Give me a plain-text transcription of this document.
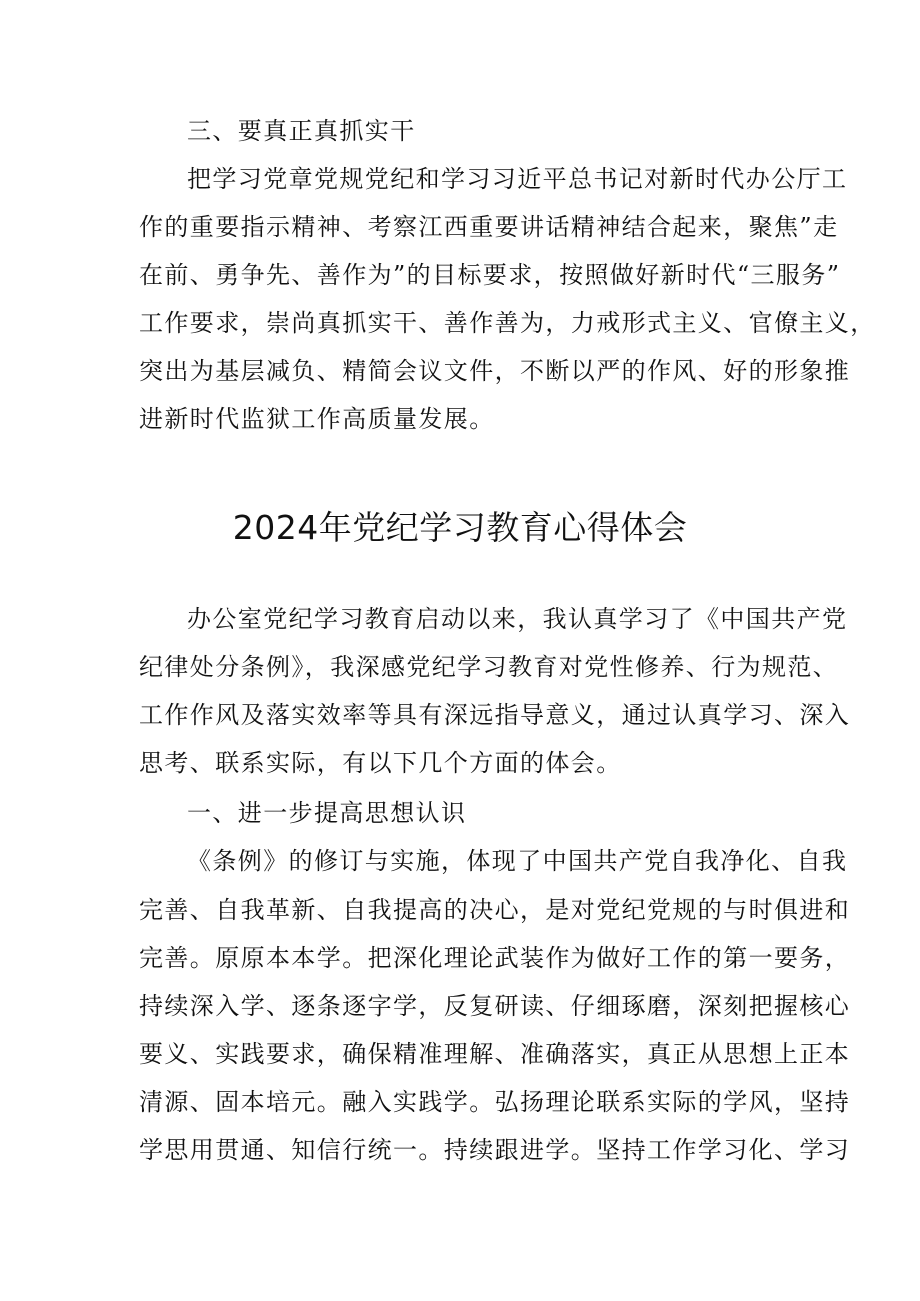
三、要真正真抓实干
把学习党章党规党纪和学习习近平总书记对新时代办公厅工
作的重要指示精神、考察江西重要讲话精神结合起来，聚焦”走
在前、勇争先、善作为”的目标要求，按照做好新时代“三服务”
工作要求，崇尚真抓实干、善作善为，力戒形式主义、官僚主义，
突出为基层减负、精简会议文件，不断以严的作风、好的形象推
进新时代监狱工作高质量发展。
2024年党纪学习教育心得体会
办公室党纪学习教育启动以来，我认真学习了《中国共产党
纪律处分条例》，我深感党纪学习教育对党性修养、行为规范、
工作作风及落实效率等具有深远指导意义，通过认真学习、深入
思考、联系实际，有以下几个方面的体会。
一、进一步提高思想认识
《条例》的修订与实施，体现了中国共产党自我净化、自我
完善、自我革新、自我提高的决心，是对党纪党规的与时俱进和
完善。原原本本学。把深化理论武装作为做好工作的第一要务，
持续深入学、逐条逐字学，反复研读、仔细琢磨，深刻把握核心
要义、实践要求，确保精准理解、准确落实，真正从思想上正本
清源、固本培元。融入实践学。弘扬理论联系实际的学风，坚持
学思用贯通、知信行统一。持续跟进学。坚持工作学习化、学习
